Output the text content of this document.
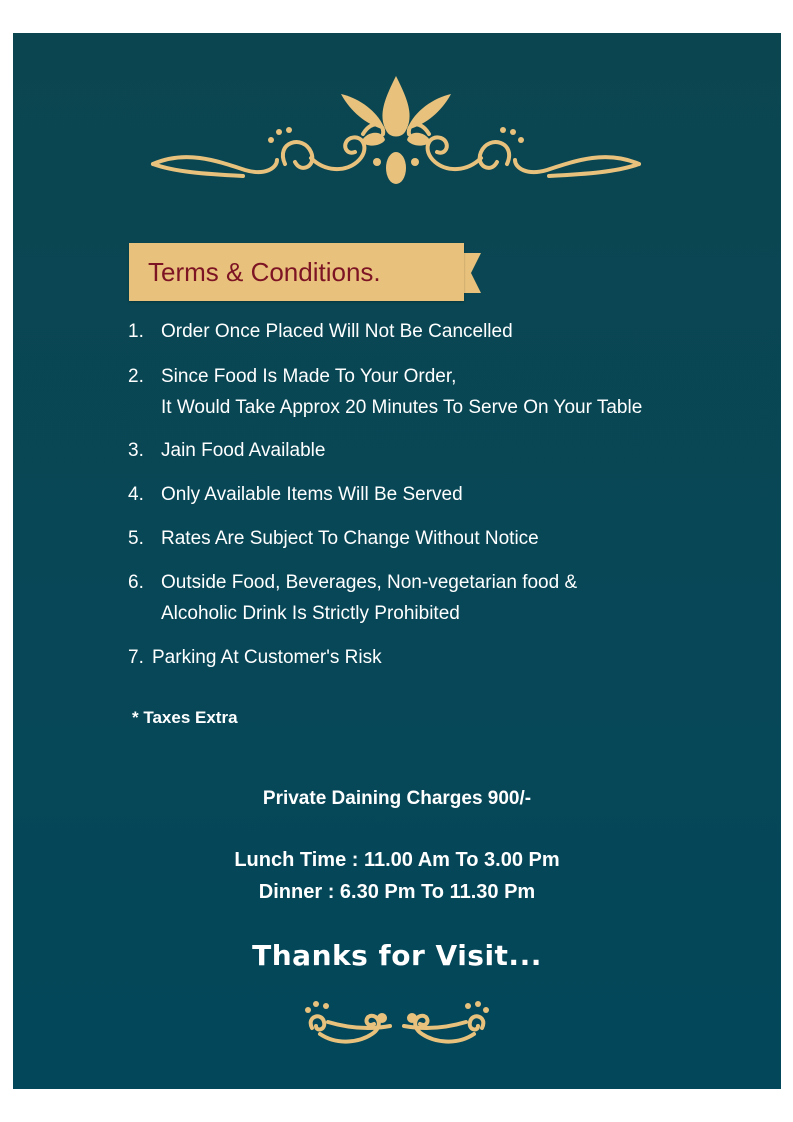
Terms & Conditions.
1. Order Once Placed Will Not Be Cancelled
2. Since Food Is Made To Your Order,
It Would Take Approx 20 Minutes To Serve On Your Table
3. Jain Food Available
4. Only Available Items Will Be Served
5. Rates Are Subject To Change Without Notice
6. Outside Food, Beverages, Non-vegetarian food &
Alcoholic Drink Is Strictly Prohibited
7. Parking At Customer's Risk
* Taxes Extra
Private Daining Charges 900/-
Lunch Time : 11.00 Am To 3.00 Pm
Dinner : 6.30 Pm To 11.30 Pm
Thanks for Visit...
